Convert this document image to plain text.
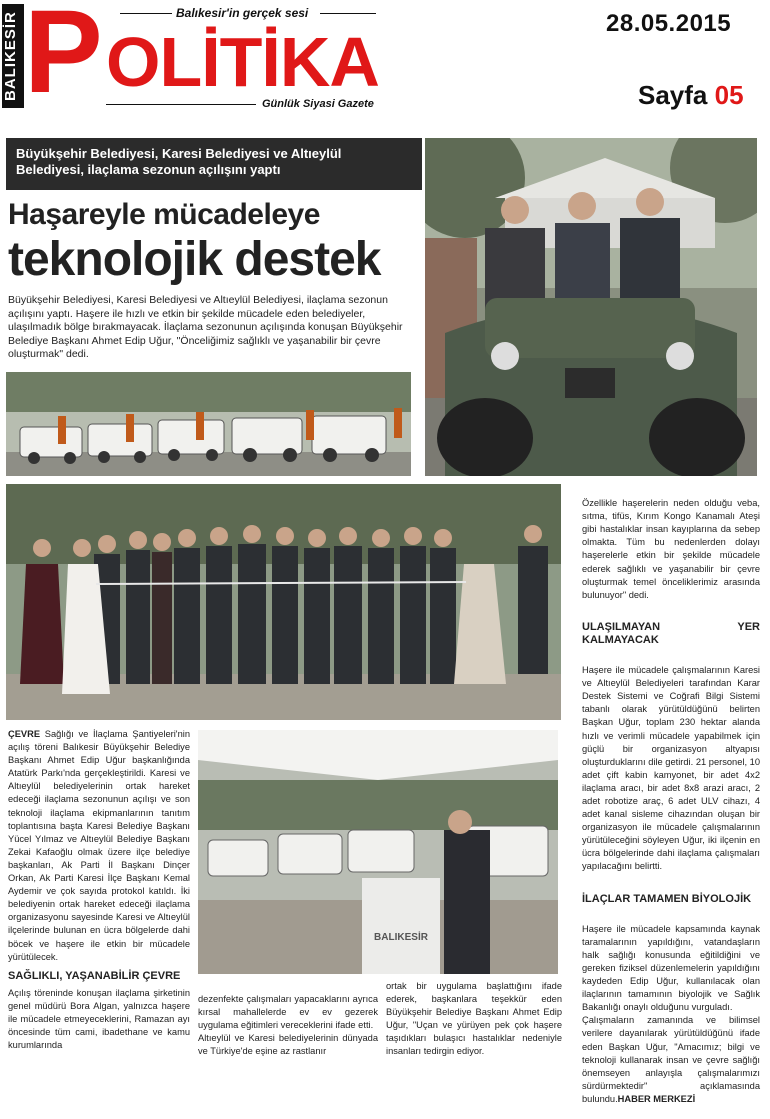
BALIKESİR P OLİTİKA
Balıkesir'in gerçek sesi
Günlük Siyasi Gazete
28.05.2015
Sayfa 05
Büyükşehir Belediyesi, Karesi Belediyesi ve Altıeylül Belediyesi, ilaçlama sezonun açılışını yaptı
Haşareyle mücadeleye
teknolojik destek
Büyükşehir Belediyesi, Karesi Belediyesi ve Altıeylül Belediyesi, ilaçlama sezonun açılışını yaptı. Haşere ile hızlı ve etkin bir şekilde mücadele eden belediyeler, ulaşılmadık bölge bırakmayacak. İlaçlama sezonunun açılışında konuşan Büyükşehir Belediye Başkanı Ahmet Edip Uğur, "Önceliğimiz sağlıklı ve yaşanabilir bir çevre oluşturmak" dedi.
BALIKESİR

ÇEVRE Sağlığı ve İlaçlama Şantiyeleri'nin açılış töreni Balıkesir Büyükşehir Belediye Başkanı Ahmet Edip Uğur başkanlığında Atatürk Parkı'nda gerçekleştirildi. Karesi ve Altıeylül belediyelerinin ortak hareket edeceği ilaçlama sezonunun açılışı ve son teknoloji ilaçlama ekipmanlarının tanıtım toplantısına başta Karesi Belediye Başkanı Yücel Yılmaz ve Altıeylül Belediye Başkanı Zekai Kafaoğlu olmak üzere ilçe belediye başkanları, Ak Parti İl Başkanı Dinçer Orkan, Ak Parti Karesi İlçe Başkanı Kemal Aydemir ve çok sayıda protokol katıldı. İki belediyenin ortak hareket edeceği ilaçlama organizasyonu sayesinde Karesi ve Altıeylül ilçelerinde bulunan en ücra bölgelerde dahi böcek ve haşere ile etkin bir mücadele yürütülecek.

SAĞLIKLI, YAŞANABİLİR ÇEVRE

Açılış töreninde konuşan ilaçlama şirketinin genel müdürü Bora Algan, yalnızca haşere ile mücadele etmeyeceklerini, Ramazan ayı öncesinde tüm cami, ibadethane ve kamu kurumlarında

dezenfekte çalışmaları yapacaklarını ayrıca kırsal mahallelerde ev ev gezerek uygulama eğitimleri vereceklerini ifade etti.
Altıeylül ve Karesi belediyelerinin dünyada ve Türkiye'de eşine az rastlanır

ortak bir uygulama başlattığını ifade ederek, başkanlara teşekkür eden Büyükşehir Belediye Başkanı Ahmet Edip Uğur, "Uçan ve yürüyen pek çok haşere taşıdıkları bulaşıcı hastalıklar nedeniyle insanları tedirgin ediyor.

Özellikle haşerelerin neden olduğu veba, sıtma, tifüs, Kırım Kongo Kanamalı Ateşi gibi hastalıklar insan kayıplarına da sebep olmakta. Tüm bu nedenlerden dolayı haşerelerle etkin bir şekilde mücadele ederek sağlıklı ve yaşanabilir bir çevre oluşturmak temel önceliklerimiz arasında bulunuyor" dedi.

ULAŞILMAYAN YER KALMAYACAK

Haşere ile mücadele çalışmalarının Karesi ve Altıeylül Belediyeleri tarafından Karar Destek Sistemi ve Coğrafi Bilgi Sistemi tabanlı olarak yürütüldüğünü belirten Başkan Uğur, toplam 230 hektar alanda hızlı ve verimli mücadele yapabilmek için güçlü bir organizasyon altyapısı oluşturduklarını dile getirdi. 21 personel, 10 adet çift kabin kamyonet, bir adet 4x2 ilaçlama aracı, bir adet 8x8 arazi aracı, 2 adet robotize araç, 6 adet ULV cihazı, 4 adet kanal sisleme cihazından oluşan bir organizasyon ile mücadele çalışmalarının yürütüleceğini söyleyen Uğur, iki ilçenin en ücra bölgelerinde dahi ilaçlama çalışmaları yapılacağını belirtti.

İLAÇLAR TAMAMEN BİYOLOJİK

Haşere ile mücadele kapsamında kaynak taramalarının yapıldığını, vatandaşların halk sağlığı konusunda eğitildiğini ve gereken fiziksel düzenlemelerin yapıldığını kaydeden Edip Uğur, kullanılacak olan ilaçlarının tamamının biyolojik ve Sağlık Bakanlığı onaylı olduğunu vurguladı.
Çalışmaların zamanında ve bilimsel verilere dayanılarak yürütüldüğünü ifade eden Başkan Uğur, "Amacımız; bilgi ve teknoloji kullanarak insan ve çevre sağlığı önemseyen anlayışla çalışmalarımızı sürdürmektedir" açıklamasında bulundu.HABER MERKEZİ
